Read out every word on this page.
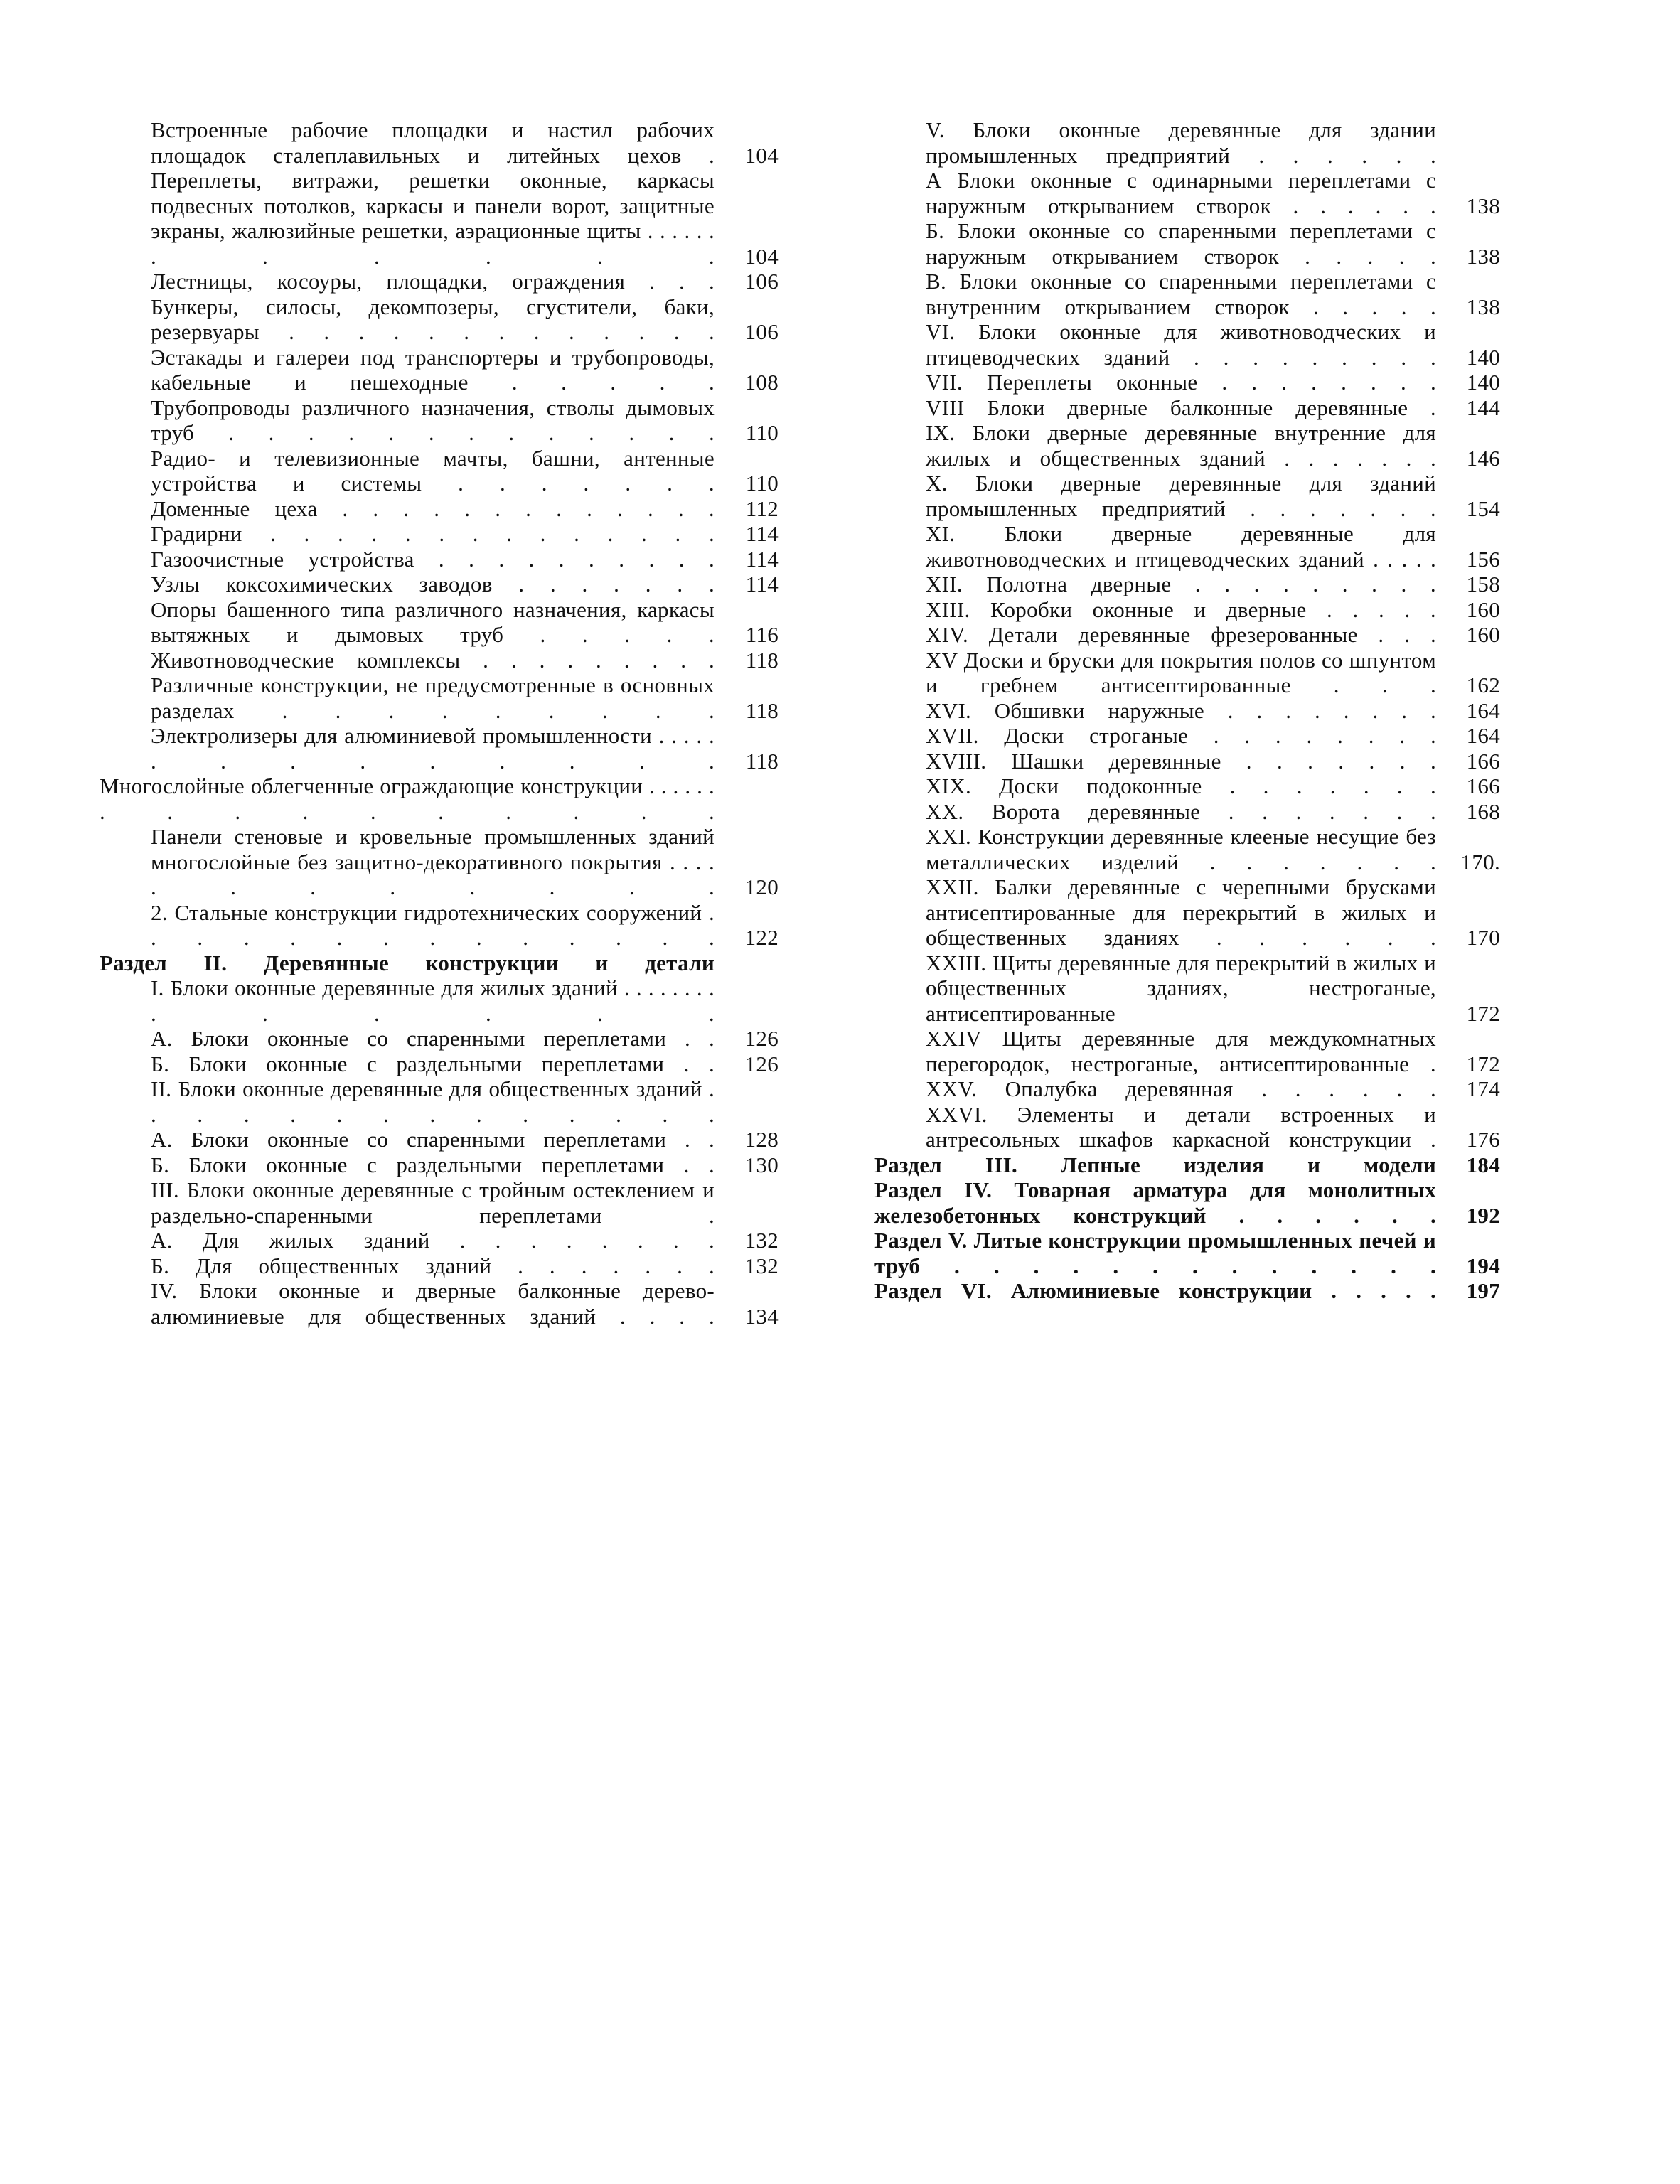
Встроенные рабочие площадки и настил рабочих площадок сталеплавильных и литейных цехов .	104
Переплеты, витражи, решетки оконные, каркасы подвесных потолков, каркасы и панели ворот, защитные экраны, жалюзийные решетки, аэрационные щиты . . . . . . . . . . . .	104
Лестницы, косоуры, площадки, ограждения . . .	106
Бункеры, силосы, декомпозеры, сгустители, баки, резервуары . . . . . . . . . . . . .	106
Эстакады и галереи под транспортеры и трубопроводы, кабельные и пешеходные . . . . .	108
Трубопроводы различного назначения, стволы дымовых труб . . . . . . . . . . . . .	110
Радио- и телевизионные мачты, башни, антенные устройства и системы . . . . . . .	110
Доменные цеха . . . . . . . . . . . . .	112
Градирни . . . . . . . . . . . . . .	114
Газоочистные устройства . . . . . . . . . .	114
Узлы коксохимических заводов . . . . . . .	114
Опоры башенного типа различного назначения, каркасы вытяжных и дымовых труб . . . . .	116
Животноводческие комплексы . . . . . . . . .	118
Различные конструкции, не предусмотренные в основных разделах . . . . . . . . .	118
Электролизеры для алюминиевой промышленности . . . . . . . . . . . . . .	118
Многослойные облегченные ограждающие конструкции . . . . . . . . . . . . . . . .
Панели стеновые и кровельные промышленных зданий многослойные без защитно-декоративного покрытия . . . . . . . . . . . .	120
2. Стальные конструкции гидротехнических сооружений . . . . . . . . . . . . . .	122
Раздел II. Деревянные конструкции и детали
I. Блоки оконные деревянные для жилых зданий . . . . . . . . . . . . . .
А. Блоки оконные со спаренными переплетами . .	126
Б. Блоки оконные с раздельными переплетами . .	126
II. Блоки оконные деревянные для общественных зданий . . . . . . . . . . . . . .
А. Блоки оконные со спаренными переплетами . .	128
Б. Блоки оконные с раздельными переплетами . .	130
III. Блоки оконные деревянные с тройным остеклением и раздельно-спаренными переплетами .
А. Для жилых зданий . . . . . . . .	132
Б. Для общественных зданий . . . . . . .	132
IV. Блоки оконные и дверные балконные дерево-алюминиевые для общественных зданий . . . .	134
V. Блоки оконные деревянные для здании промышленных предприятий . . . . . .
А Блоки оконные с одинарными переплетами с наружным открыванием створок . . . . . .	138
Б. Блоки оконные со спаренными переплетами с наружным открыванием створок . . . . .	138
В. Блоки оконные со спаренными переплетами с внутренним открыванием створок . . . . .	138
VI. Блоки оконные для животноводческих и птицеводческих зданий . . . . . . . . .	140
VII. Переплеты оконные . . . . . . . .	140
VIII Блоки дверные балконные деревянные .	144
IX. Блоки дверные деревянные внутренние для жилых и общественных зданий . . . . . . .	146
X. Блоки дверные деревянные для зданий промышленных предприятий . . . . . . .	154
XI. Блоки дверные деревянные для животноводческих и птицеводческих зданий . . . . .	156
XII. Полотна дверные . . . . . . . . .	158
XIII. Коробки оконные и дверные . . . . .	160
XIV. Детали деревянные фрезерованные . . .	160
XV Доски и бруски для покрытия полов со шпунтом и гребнем антисептированные . . .	162
XVI. Обшивки наружные . . . . . . . .	164
XVII. Доски строганые . . . . . . . .	164
XVIII. Шашки деревянные . . . . . . .	166
XIX. Доски подоконные . . . . . . .	166
XX. Ворота деревянные . . . . . . .	168
XXI. Конструкции деревянные клееные несущие без металлических изделий . . . . . . .	170.
XXII. Балки деревянные с черепными брусками антисептированные для перекрытий в жилых и общественных зданиях . . . . . .	170
XXIII. Щиты деревянные для перекрытий в жилых и общественных зданиях, нестроганые, антисептированные	172
XXIV Щиты деревянные для междукомнатных перегородок, нестроганые, антисептированные .	172
XXV. Опалубка деревянная . . . . . .	174
XXVI. Элементы и детали встроенных и антресольных шкафов каркасной конструкции .	176
Раздел III. Лепные изделия и модели	184
Раздел IV. Товарная арматура для монолитных железобетонных конструкций . . . . . .	192
Раздел V. Литые конструкции промышленных печей и труб . . . . . . . . . . . . .	194
Раздел VI. Алюминиевые конструкции . . . . .	197
